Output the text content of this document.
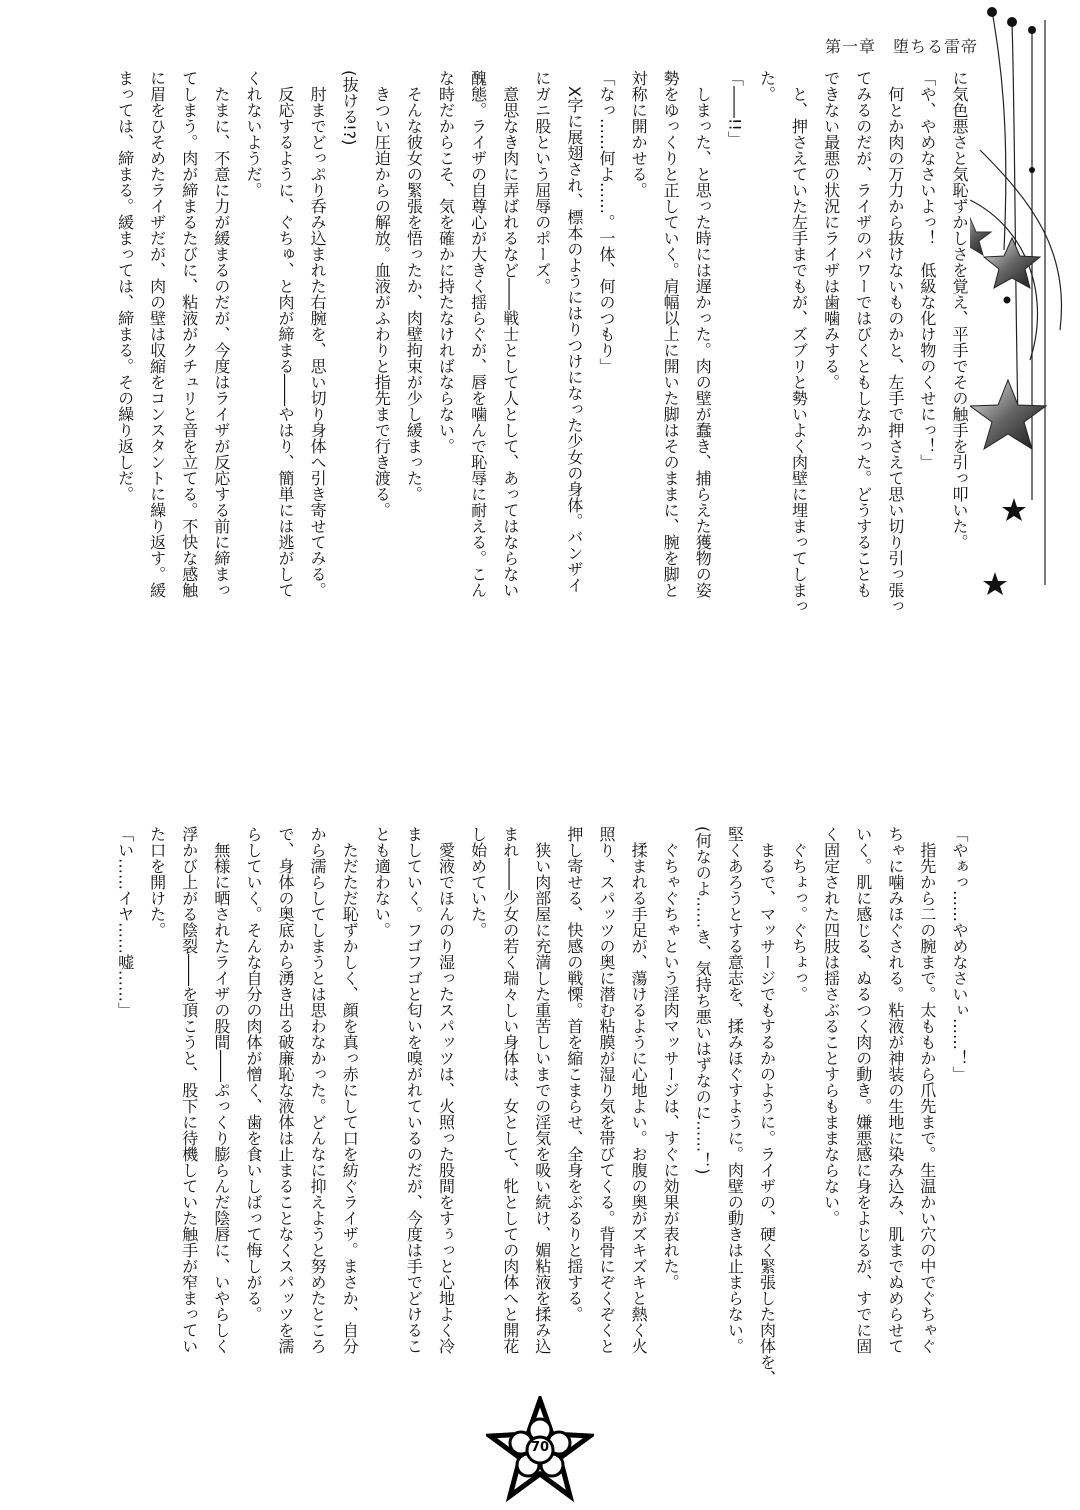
第一章　堕ちる雷帝
に気色悪さと気恥ずかしさを覚え、平手でその触手を引っ叩いた。
「や、やめなさいよっ！　低級な化け物のくせにっ！」
　何とか肉の万力から抜けないものかと、左手で押さえて思い切り引っ張っ
てみるのだが、ライザのパワーではびくともしなかった。どうすることも
できない最悪の状況にライザは歯噛みする。
　と、押さえていた左手までもが、ズブリと勢いよく肉壁に埋まってしまっ
た。
「――!!」
　しまった、と思った時には遅かった。肉の壁が蠢き、捕らえた獲物の姿
勢をゆっくりと正していく。肩幅以上に開いた脚はそのままに、腕を脚と
対称に開かせる。
「なっ……何よ……。一体、何のつもり」
　X字に展翅され、標本のようにはりつけになった少女の身体。バンザイ
にガニ股という屈辱のポーズ。
　意思なき肉に弄ばれるなど――戦士として人として、あってはならない
醜態。ライザの自尊心が大きく揺らぐが、唇を噛んで恥辱に耐える。こん
な時だからこそ、気を確かに持たなければならない。
　そんな彼女の緊張を悟ったか、肉壁拘束が少し緩まった。
　きつい圧迫からの解放。血液がふわりと指先まで行き渡る。
(抜ける!?)
　肘までどっぷり呑み込まれた右腕を、思い切り身体へ引き寄せてみる。
　反応するように、ぐちゅ、と肉が締まる――やはり、簡単には逃がして
くれないようだ。
　たまに、不意に力が緩まるのだが、今度はライザが反応する前に締まっ
てしまう。肉が締まるたびに、粘液がクチュリと音を立てる。不快な感触
に眉をひそめたライザだが、肉の壁は収縮をコンスタントに繰り返す。緩
まっては、締まる。緩まっては、締まる。その繰り返しだ。
「やぁっ……やめなさいぃ……！」
　指先から二の腕まで。太ももから爪先まで。生温かい穴の中でぐちゃぐ
ちゃに噛みほぐされる。粘液が神装の生地に染み込み、肌までぬめらせて
いく。肌に感じる、ぬるつく肉の動き。嫌悪感に身をよじるが、すでに固
く固定された四肢は揺さぶることすらもままならない。
　ぐちょっ。ぐちょっ。
　まるで、マッサージでもするかのように。ライザの、硬く緊張した肉体を、
堅くあろうとする意志を、揉みほぐすように。肉壁の動きは止まらない。
(何なのよ……き、気持ち悪いはずなのに……！)
　ぐちゃぐちゃという淫肉マッサージは、すぐに効果が表れた。
　揉まれる手足が、蕩けるように心地よい。お腹の奥がズキズキと熱く火
照り、スパッツの奥に潜む粘膜が湿り気を帯びてくる。背骨にぞくぞくと
押し寄せる、快感の戦慄。首を縮こまらせ、全身をぶるりと揺する。
　狭い肉部屋に充満した重苦しいまでの淫気を吸い続け、媚粘液を揉み込
まれ――少女の若く瑞々しい身体は、女として、牝としての肉体へと開花
し始めていた。
　愛液でほんのり湿ったスパッツは、火照った股間をすぅっと心地よく冷
ましていく。フゴフゴと匂いを嗅がれているのだが、今度は手でどけるこ
とも適わない。
　ただただ恥ずかしく、顔を真っ赤にして口を紡ぐライザ。まさか、自分
から濡らしてしまうとは思わなかった。どんなに抑えようと努めたところ
で、身体の奥底から湧き出る破廉恥な液体は止まることなくスパッツを濡
らしていく。そんな自分の肉体が憎く、歯を食いしばって悔しがる。
　無様に晒されたライザの股間――ぷっくり膨らんだ陰唇に、いやらしく
浮かび上がる陰裂――を頂こうと、股下に待機していた触手が窄まってい
た口を開けた。
「い……イヤ……嘘……」
70
